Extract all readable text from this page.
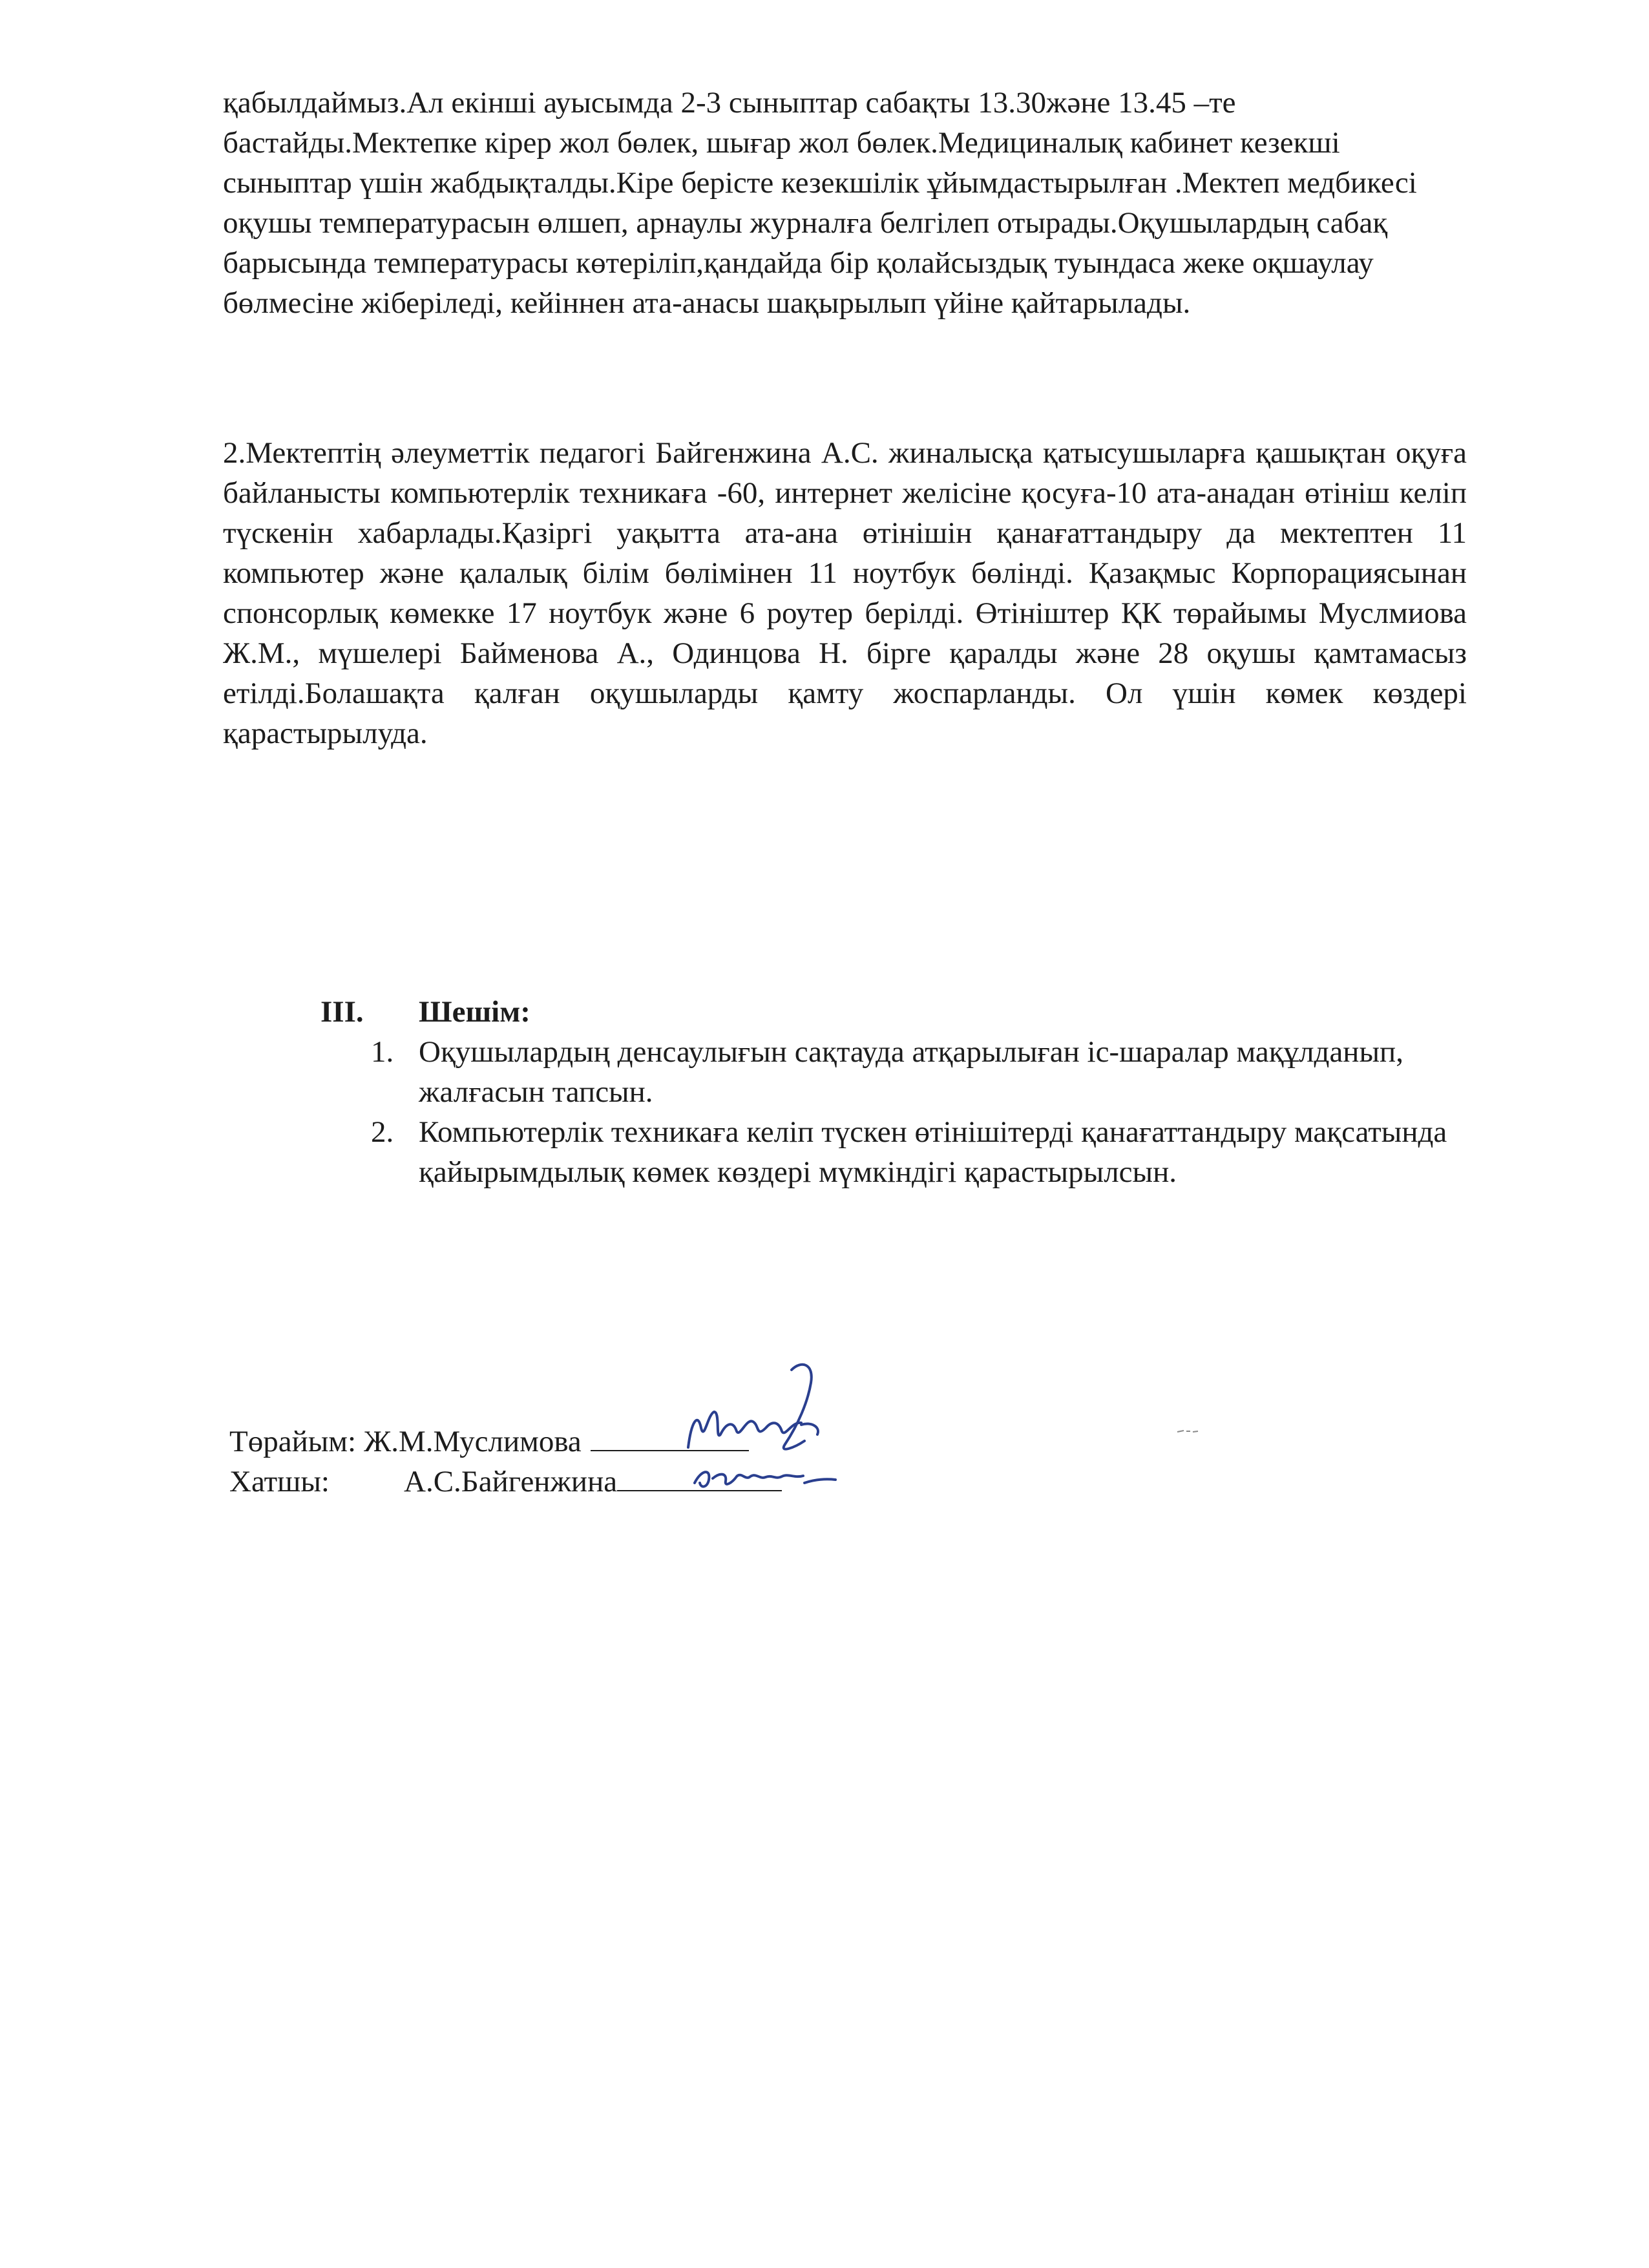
қабылдаймыз.Ал екінші ауысымда 2-3 сыныптар сабақты 13.30және 13.45 –те бастайды.Мектепке кірер жол бөлек, шығар жол бөлек.Медициналық кабинет кезекші сыныптар үшін жабдықталды.Кіре берісте кезекшілік ұйымдастырылған .Мектеп медбикесі оқушы температурасын өлшеп, арнаулы журналға белгілеп отырады.Оқушылардың сабақ барысында температурасы көтеріліп,қандайда бір қолайсыздық туындаса жеке оқшаулау бөлмесіне жіберіледі, кейіннен ата-анасы шақырылып үйіне қайтарылады.

2.Мектептің әлеуметтік педагогі Байгенжина А.С. жиналысқа қатысушыларға қашықтан оқуға байланысты компьютерлік техникаға -60, интернет желісіне қосуға-10 ата-анадан өтініш келіп түскенін хабарлады.Қазіргі уақытта ата-ана өтінішін қанағаттандыру да мектептен 11 компьютер және қалалық білім бөлімінен 11 ноутбук бөлінді. Қазақмыс Корпорациясынан спонсорлық көмекке 17 ноутбук және 6 роутер берілді. Өтініштер ҚК төрайымы Муслмиова Ж.М., мүшелері Байменова А., Одинцова Н. бірге қаралды және 28 оқушы қамтамасыз етілді.Болашақта қалған оқушыларды қамту жоспарланды. Ол үшін көмек көздері қарастырылуда.

III.	Шешім:
1. Оқушылардың денсаулығын сақтауда атқарылыған іс-шаралар мақұлданып, жалғасын тапсын.
2. Компьютерлік техникаға келіп түскен өтінішітерді қанағаттандыру мақсатында қайырымдылық көмек көздері мүмкіндігі қарастырылсын.
Төрайым: Ж.М.Муслимова
Хатшы:	А.С.Байгенжина
